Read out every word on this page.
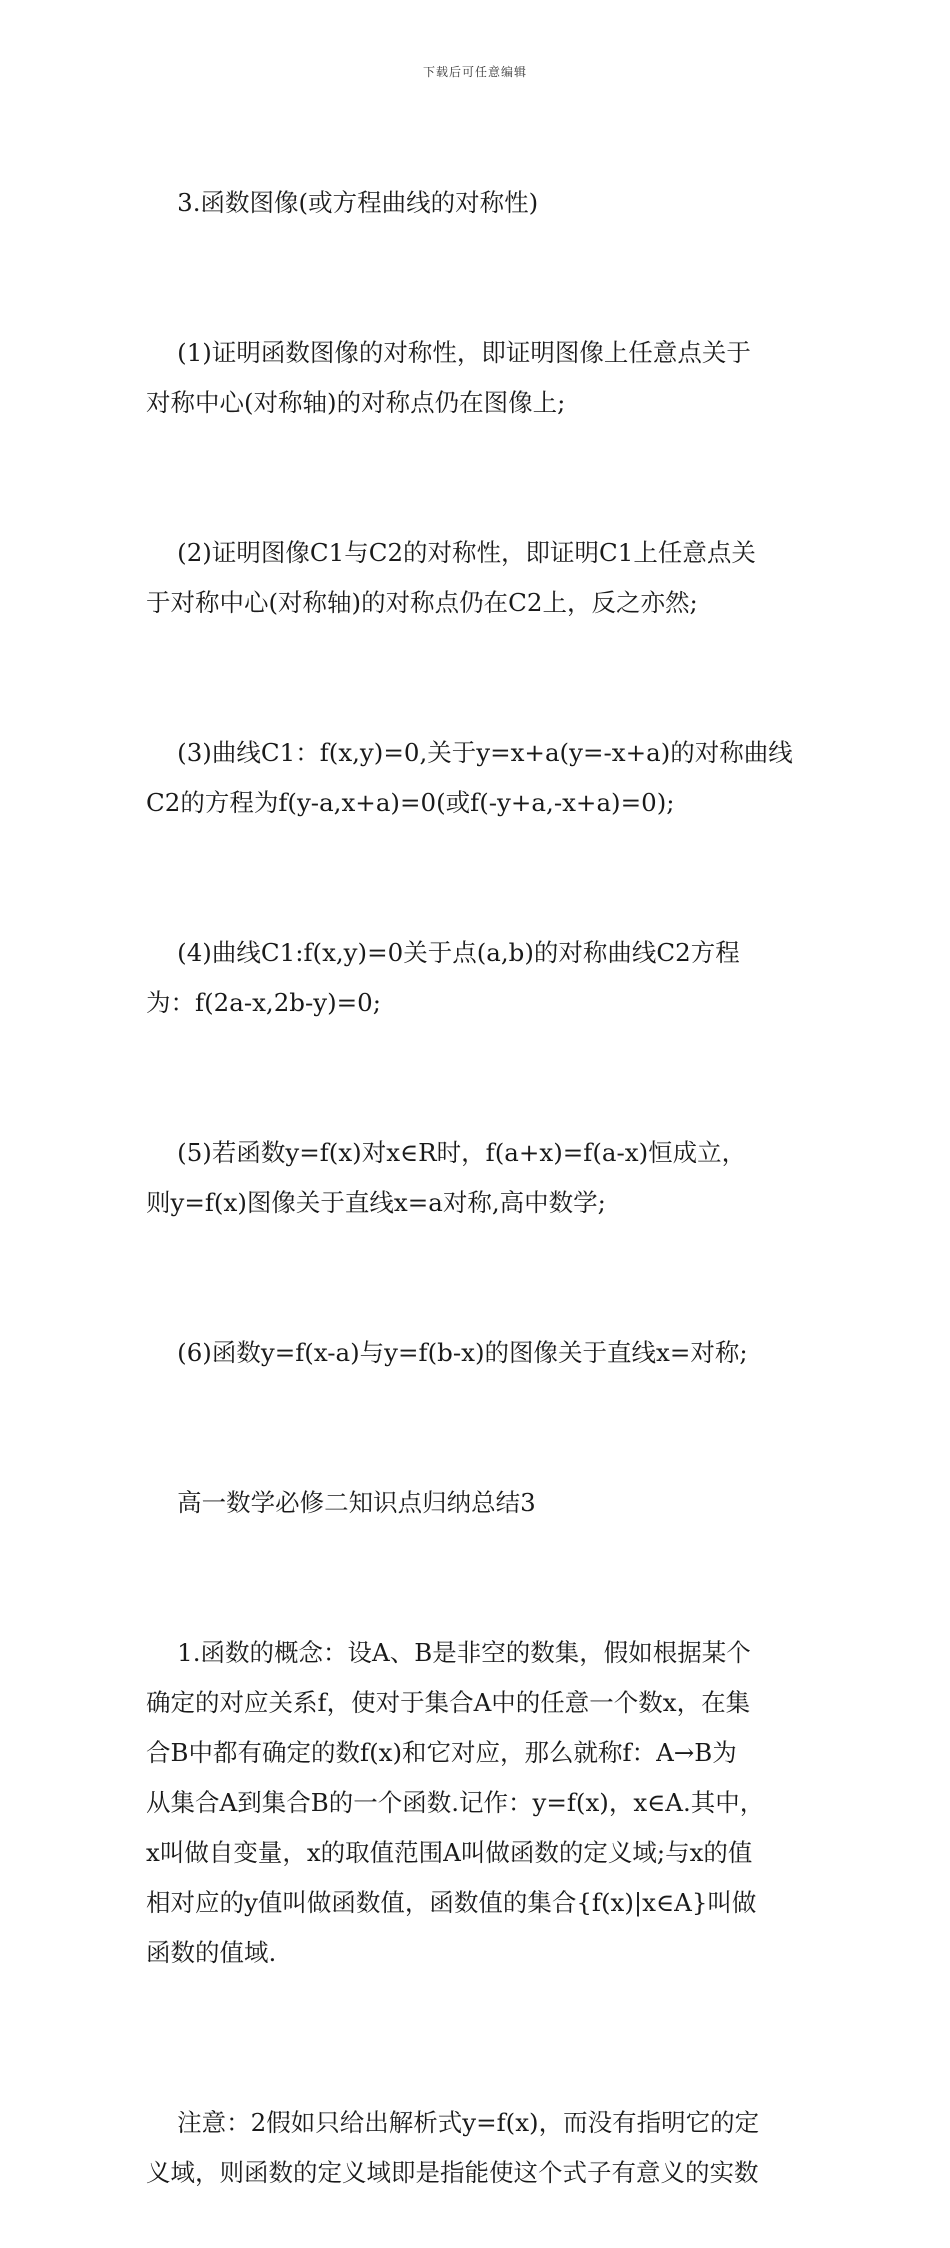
下载后可任意编辑

3.函数图像(或方程曲线的对称性)

(1)证明函数图像的对称性，即证明图像上任意点关于
对称中心(对称轴)的对称点仍在图像上;

(2)证明图像C1与C2的对称性，即证明C1上任意点关
于对称中心(对称轴)的对称点仍在C2上，反之亦然;

(3)曲线C1：f(x,y)=0,关于y=x+a(y=-x+a)的对称曲线
C2的方程为f(y-a,x+a)=0(或f(-y+a,-x+a)=0);

(4)曲线C1:f(x,y)=0关于点(a,b)的对称曲线C2方程
为：f(2a-x,2b-y)=0;

(5)若函数y=f(x)对x∈R时，f(a+x)=f(a-x)恒成立，
则y=f(x)图像关于直线x=a对称,高中数学;

(6)函数y=f(x-a)与y=f(b-x)的图像关于直线x=对称;

高一数学必修二知识点归纳总结3

1.函数的概念：设A、B是非空的数集，假如根据某个
确定的对应关系f，使对于集合A中的任意一个数x，在集
合B中都有确定的数f(x)和它对应，那么就称f：A→B为
从集合A到集合B的一个函数.记作：y=f(x)，x∈A.其中，
x叫做自变量，x的取值范围A叫做函数的定义域;与x的值
相对应的y值叫做函数值，函数值的集合{f(x)|x∈A}叫做
函数的值域.

注意：2假如只给出解析式y=f(x)，而没有指明它的定
义域，则函数的定义域即是指能使这个式子有意义的实数
